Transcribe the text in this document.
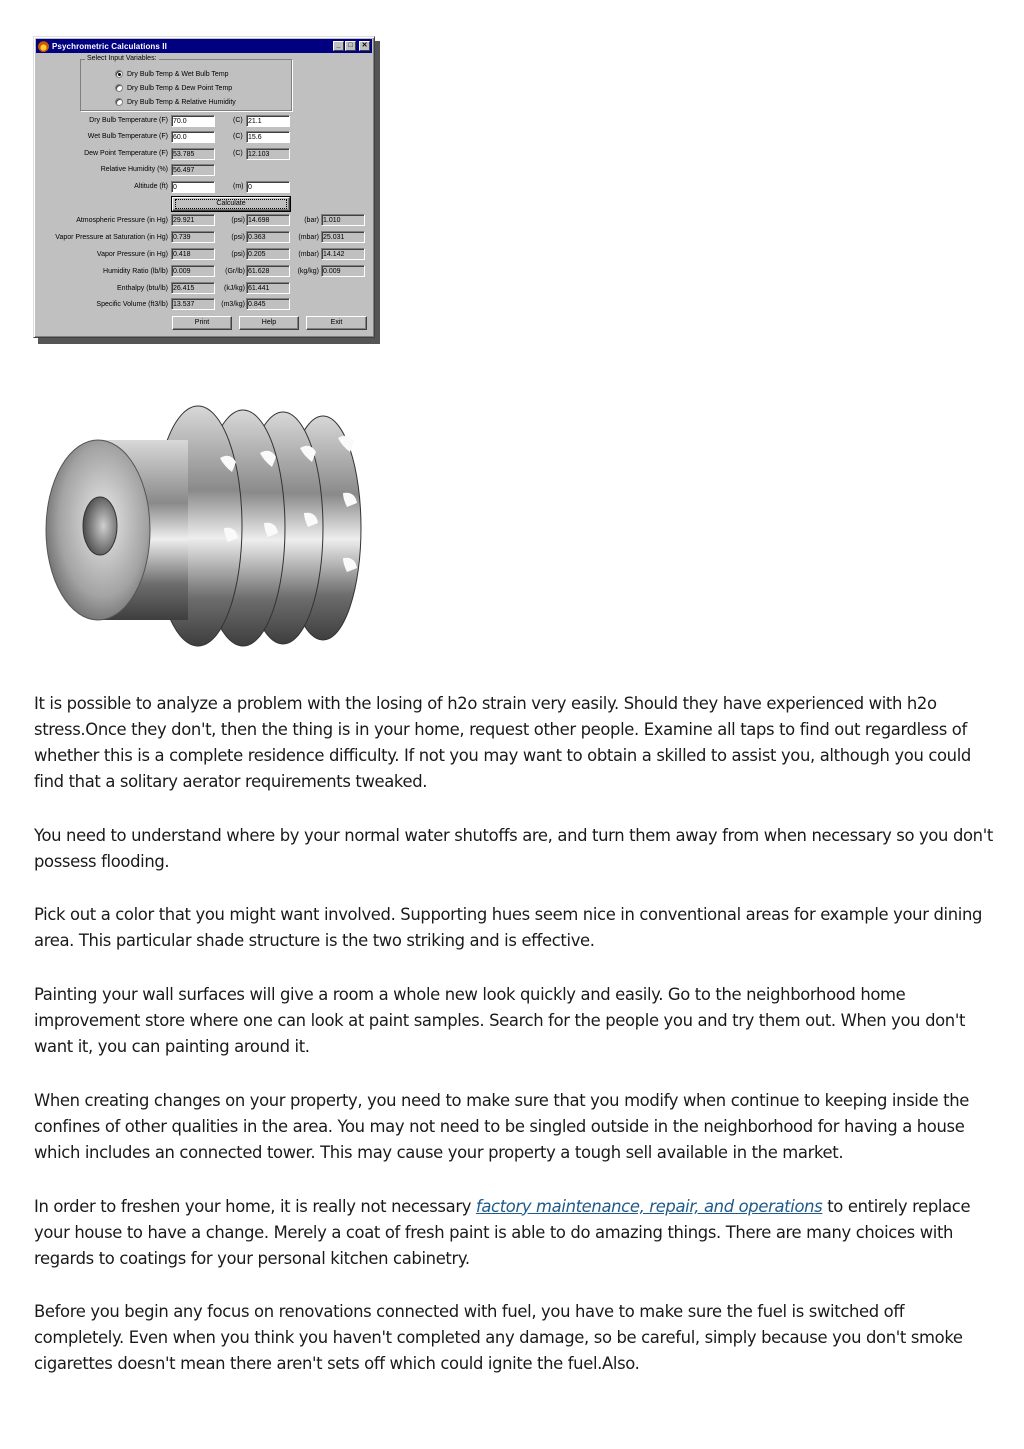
Psychrometric Calculations II	_	□	✕
Select Input Variables:
Dry Bulb Temp & Wet Bulb Temp
Dry Bulb Temp & Dew Point Temp
Dry Bulb Temp & Relative Humidity
Dry Bulb Temperature (F) 70.0	(C) 21.1
Wet Bulb Temperature (F) 60.0	(C) 15.6
Dew Point Temperature (F) 53.785	(C) 12.103
Relative Humidity (%) 56.497
Altitude (ft) 0	(m) 0
Calculate
Atmospheric Pressure (in Hg) 29.921	(psi) 14.698	(bar) 1.010
Vapor Pressure at Saturation (in Hg) 0.739	(psi) 0.363	(mbar) 25.031
Vapor Pressure (in Hg) 0.418	(psi) 0.205	(mbar) 14.142
Humidity Ratio (lb/lb) 0.009	(Gr/lb) 61.628	(kg/kg) 0.009
Enthalpy (btu/lb) 26.415	(kJ/kg) 61.441
Specific Volume (ft3/lb) 13.537	(m3/kg) 0.845
Print	Help	Exit

It is possible to analyze a problem with the losing of h2o strain very easily. Should they have experienced with h2o stress.Once they don't, then the thing is in your home, request other people. Examine all taps to find out regardless of whether this is a complete residence difficulty. If not you may want to obtain a skilled to assist you, although you could find that a solitary aerator requirements tweaked.

You need to understand where by your normal water shutoffs are, and turn them away from when necessary so you don't possess flooding.

Pick out a color that you might want involved. Supporting hues seem nice in conventional areas for example your dining area. This particular shade structure is the two striking and is effective.

Painting your wall surfaces will give a room a whole new look quickly and easily. Go to the neighborhood home improvement store where one can look at paint samples. Search for the people you and try them out. When you don't want it, you can painting around it.

When creating changes on your property, you need to make sure that you modify when continue to keeping inside the confines of other qualities in the area. You may not need to be singled outside in the neighborhood for having a house which includes an connected tower. This may cause your property a tough sell available in the market.

In order to freshen your home, it is really not necessary factory maintenance, repair, and operations to entirely replace your house to have a change. Merely a coat of fresh paint is able to do amazing things. There are many choices with regards to coatings for your personal kitchen cabinetry.

Before you begin any focus on renovations connected with fuel, you have to make sure the fuel is switched off completely. Even when you think you haven't completed any damage, so be careful, simply because you don't smoke cigarettes doesn't mean there aren't sets off which could ignite the fuel.Also.
